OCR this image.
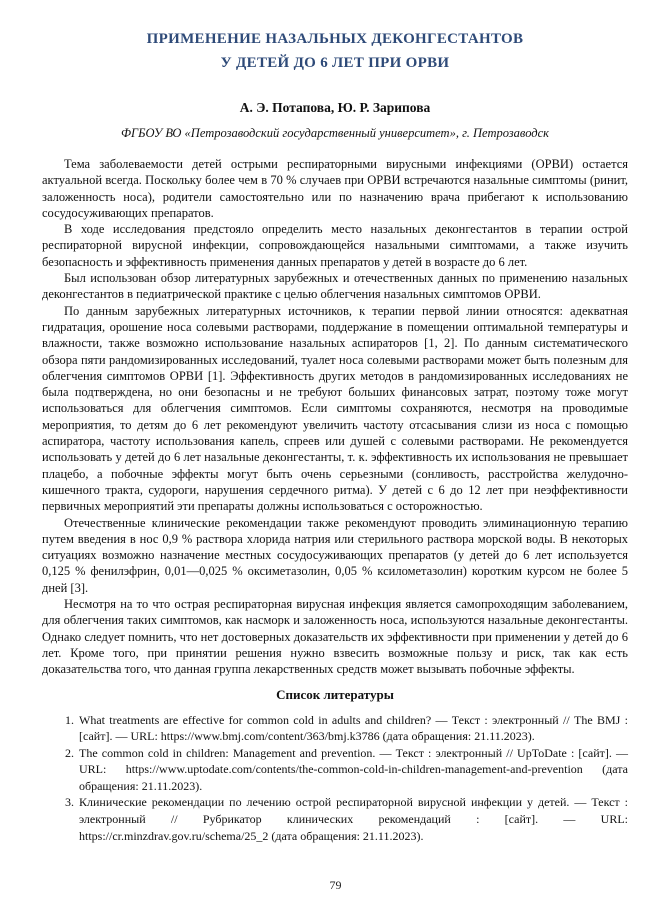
ПРИМЕНЕНИЕ НАЗАЛЬНЫХ ДЕКОНГЕСТАНТОВ
У ДЕТЕЙ ДО 6 ЛЕТ ПРИ ОРВИ
А. Э. Потапова, Ю. Р. Зарипова
ФГБОУ ВО «Петрозаводский государственный университет», г. Петрозаводск

Тема заболеваемости детей острыми респираторными вирусными инфекциями (ОРВИ) остается актуальной всегда. Поскольку более чем в 70 % случаев при ОРВИ встречаются назальные симптомы (ринит, заложенность носа), родители самостоятельно или по назначению врача прибегают к использованию сосудосуживающих препаратов.

В ходе исследования предстояло определить место назальных деконгестантов в терапии острой респираторной вирусной инфекции, сопровождающейся назальными симптомами, а также изучить безопасность и эффективность применения данных препаратов у детей в возрасте до 6 лет.

Был использован обзор литературных зарубежных и отечественных данных по применению назальных деконгестантов в педиатрической практике с целью облегчения назальных симптомов ОРВИ.

По данным зарубежных литературных источников, к терапии первой линии относятся: адекватная гидратация, орошение носа солевыми растворами, поддержание в помещении оптимальной температуры и влажности, также возможно использование назальных аспираторов [1, 2]. По данным систематического обзора пяти рандомизированных исследований, туалет носа солевыми растворами может быть полезным для облегчения симптомов ОРВИ [1]. Эффективность других методов в рандомизированных исследованиях не была подтверждена, но они безопасны и не требуют больших финансовых затрат, поэтому тоже могут использоваться для облегчения симптомов. Если симптомы сохраняются, несмотря на проводимые мероприятия, то детям до 6 лет рекомендуют увеличить частоту отсасывания слизи из носа с помощью аспиратора, частоту использования капель, спреев или душей с солевыми растворами. Не рекомендуется использовать у детей до 6 лет назальные деконгестанты, т. к. эффективность их использования не превышает плацебо, а побочные эффекты могут быть очень серьезными (сонливость, расстройства желудочно-кишечного тракта, судороги, нарушения сердечного ритма). У детей с 6 до 12 лет при неэффективности первичных мероприятий эти препараты должны использоваться с осторожностью.

Отечественные клинические рекомендации также рекомендуют проводить элиминационную терапию путем введения в нос 0,9 % раствора хлорида натрия или стерильного раствора морской воды. В некоторых ситуациях возможно назначение местных сосудосуживающих препаратов (у детей до 6 лет используется 0,125 % фенилэфрин, 0,01—0,025 % оксиметазолин, 0,05 % ксилометазолин) коротким курсом не более 5 дней [3].

Несмотря на то что острая респираторная вирусная инфекция является самопроходящим заболеванием, для облегчения таких симптомов, как насморк и заложенность носа, используются назальные деконгестанты. Однако следует помнить, что нет достоверных доказательств их эффективности при применении у детей до 6 лет. Кроме того, при принятии решения нужно взвесить возможные пользу и риск, так как есть доказательства того, что данная группа лекарственных средств может вызывать побочные эффекты.

Список литературы
1. What treatments are effective for common cold in adults and children? — Текст : электронный // The BMJ : [сайт]. — URL: https://www.bmj.com/content/363/bmj.k3786 (дата обращения: 21.11.2023).
2. The common cold in children: Management and prevention. — Текст : электронный // UpToDate : [сайт]. — URL: https://www.uptodate.com/contents/the-common-cold-in-children-management-and-prevention (дата обращения: 21.11.2023).
3. Клинические рекомендации по лечению острой респираторной вирусной инфекции у детей. — Текст : электронный // Рубрикатор клинических рекомендаций : [сайт]. — URL: https://cr.minzdrav.gov.ru/schema/25_2 (дата обращения: 21.11.2023).
79
